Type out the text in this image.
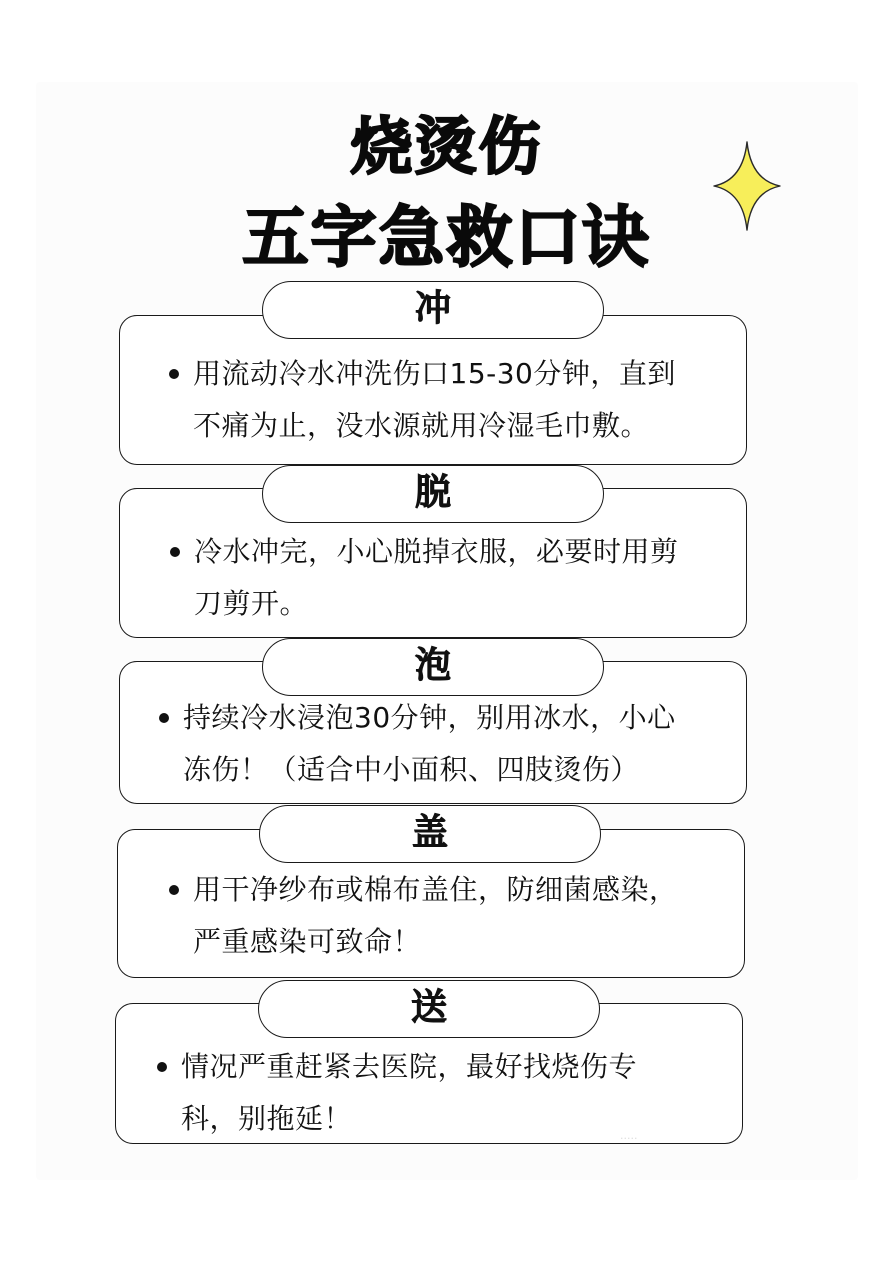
烧烫伤
五字急救口诀
冲
用流动冷水冲洗伤口15-30分钟，直到
不痛为止，没水源就用冷湿毛巾敷。
脱
冷水冲完，小心脱掉衣服，必要时用剪
刀剪开。
泡
持续冷水浸泡30分钟，别用冰水，小心
冻伤！（适合中小面积、四肢烫伤）
盖
用干净纱布或棉布盖住，防细菌感染，
严重感染可致命！
送
情况严重赶紧去医院，最好找烧伤专
科，别拖延！
·····
